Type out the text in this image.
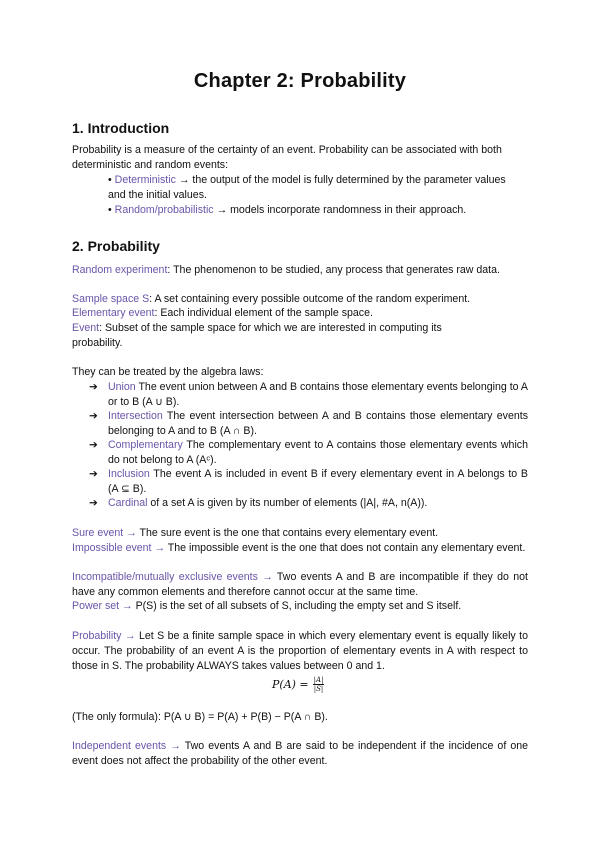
Chapter 2: Probability
1. Introduction

Probability is a measure of the certainty of an event. Probability can be associated with both deterministic and random events:

• Deterministic → the output of the model is fully determined by the parameter values and the initial values.
• Random/probabilistic → models incorporate randomness in their approach.
2. Probability

Random experiment: The phenomenon to be studied, any process that generates raw data.

Sample space S: A set containing every possible outcome of the random experiment.

Elementary event: Each individual element of the sample space.

Event: Subset of the sample space for which we are interested in computing its probability.

They can be treated by the algebra laws:

➔ Union The event union between A and B contains those elementary events belonging to A or to B (A ∪ B).
➔ Intersection The event intersection between A and B contains those elementary events belonging to A and to B (A ∩ B).
➔ Complementary The complementary event to A contains those elementary events which do not belong to A (Aᶜ).
➔ Inclusion The event A is included in event B if every elementary event in A belongs to B (A ⊆ B).
➔ Cardinal of a set A is given by its number of elements (|A|, #A, n(A)).

Sure event → The sure event is the one that contains every elementary event.

Impossible event → The impossible event is the one that does not contain any elementary event.

Incompatible/mutually exclusive events → Two events A and B are incompatible if they do not have any common elements and therefore cannot occur at the same time.

Power set → P(S) is the set of all subsets of S, including the empty set and S itself.

Probability → Let S be a finite sample space in which every elementary event is equally likely to occur. The probability of an event A is the proportion of elementary events in A with respect to those in S. The probability ALWAYS takes values between 0 and 1.

$P(A) = \frac{|A|}{|S|}$

(The only formula): P(A ∪ B) = P(A) + P(B) − P(A ∩ B).

Independent events → Two events A and B are said to be independent if the incidence of one event does not affect the probability of the other event.
